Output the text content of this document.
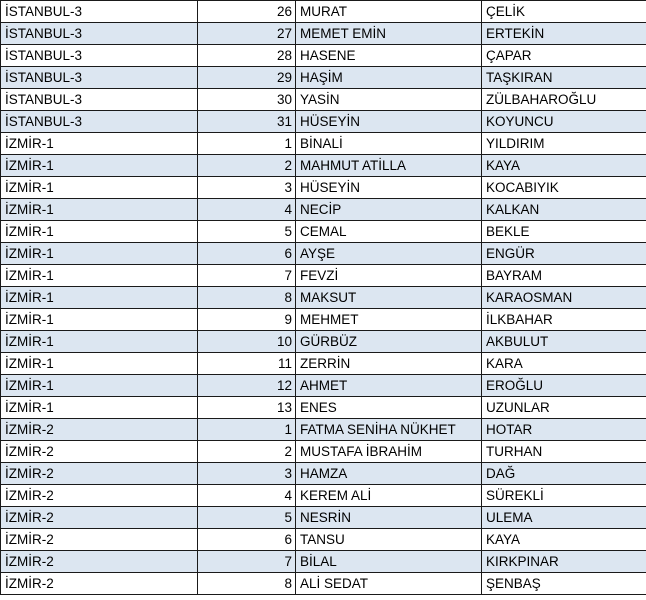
İSTANBUL-3	26	MURAT	ÇELİK
İSTANBUL-3	27	MEMET EMİN	ERTEKİN
İSTANBUL-3	28	HASENE	ÇAPAR
İSTANBUL-3	29	HAŞİM	TAŞKIRAN
İSTANBUL-3	30	YASİN	ZÜLBAHAROĞLU
İSTANBUL-3	31	HÜSEYİN	KOYUNCU
İZMİR-1	1	BİNALİ	YILDIRIM
İZMİR-1	2	MAHMUT ATİLLA	KAYA
İZMİR-1	3	HÜSEYİN	KOCABIYIK
İZMİR-1	4	NECİP	KALKAN
İZMİR-1	5	CEMAL	BEKLE
İZMİR-1	6	AYŞE	ENGÜR
İZMİR-1	7	FEVZİ	BAYRAM
İZMİR-1	8	MAKSUT	KARAOSMAN
İZMİR-1	9	MEHMET	İLKBAHAR
İZMİR-1	10	GÜRBÜZ	AKBULUT
İZMİR-1	11	ZERRİN	KARA
İZMİR-1	12	AHMET	EROĞLU
İZMİR-1	13	ENES	UZUNLAR
İZMİR-2	1	FATMA SENİHA NÜKHET	HOTAR
İZMİR-2	2	MUSTAFA İBRAHİM	TURHAN
İZMİR-2	3	HAMZA	DAĞ
İZMİR-2	4	KEREM ALİ	SÜREKLİ
İZMİR-2	5	NESRİN	ULEMA
İZMİR-2	6	TANSU	KAYA
İZMİR-2	7	BİLAL	KIRKPINAR
İZMİR-2	8	ALİ SEDAT	ŞENBAŞ
